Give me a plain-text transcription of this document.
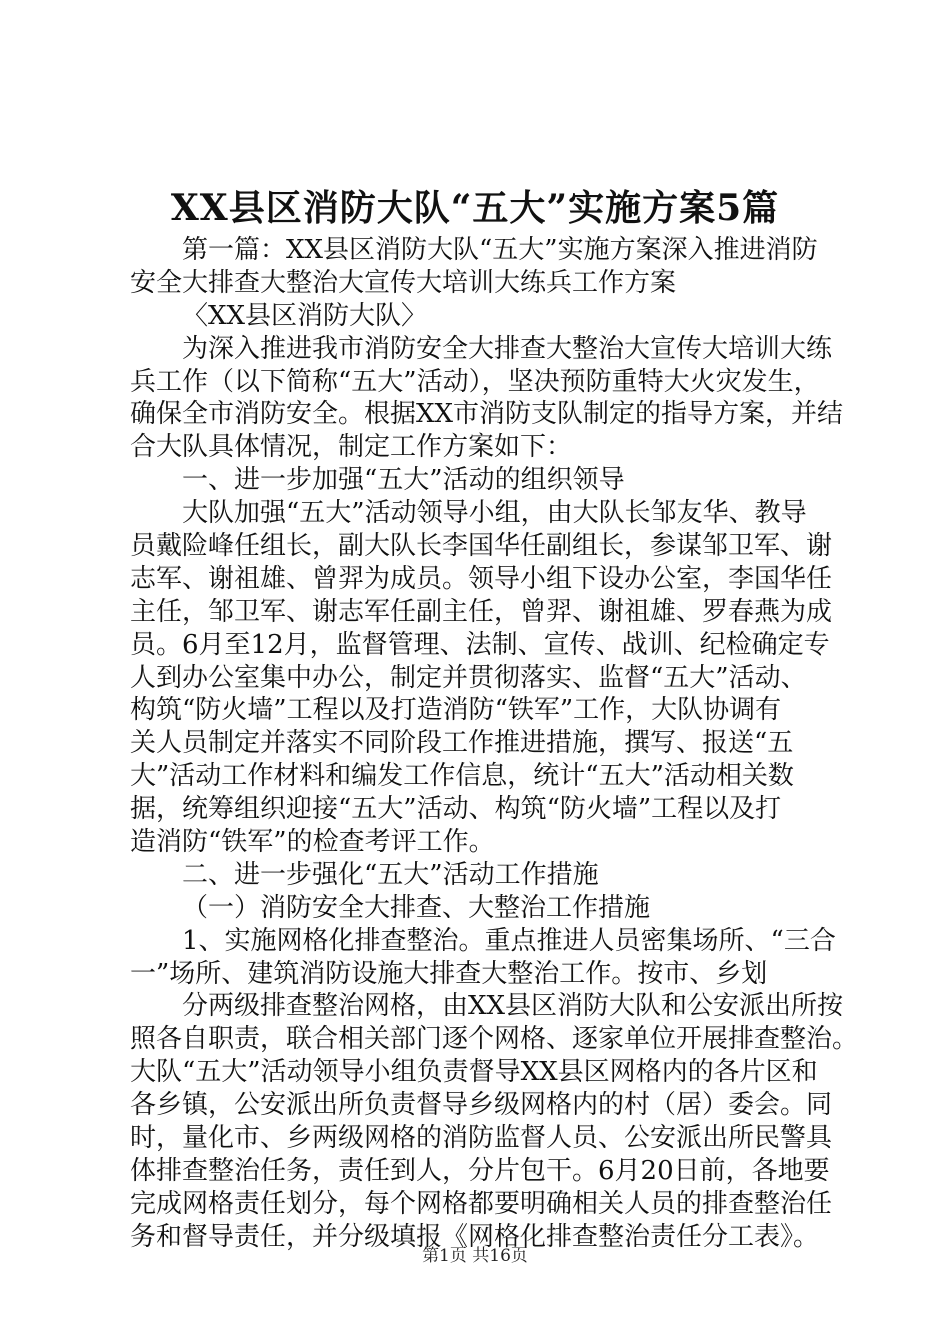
XX县区消防大队“五大”实施方案5篇
第一篇：XX县区消防大队“五大”实施方案深入推进消防
安全大排查大整治大宣传大培训大练兵工作方案
〈XX县区消防大队〉
为深入推进我市消防安全大排查大整治大宣传大培训大练
兵工作（以下简称“五大”活动），坚决预防重特大火灾发生，
确保全市消防安全。根据XX市消防支队制定的指导方案，并结
合大队具体情况，制定工作方案如下：
一、进一步加强“五大”活动的组织领导
大队加强“五大”活动领导小组，由大队长邹友华、教导
员戴险峰任组长，副大队长李国华任副组长，参谋邹卫军、谢
志军、谢祖雄、曾羿为成员。领导小组下设办公室，李国华任
主任，邹卫军、谢志军任副主任，曾羿、谢祖雄、罗春燕为成
员。6月至12月，监督管理、法制、宣传、战训、纪检确定专
人到办公室集中办公，制定并贯彻落实、监督“五大”活动、
构筑“防火墙”工程以及打造消防“铁军”工作，大队协调有
关人员制定并落实不同阶段工作推进措施，撰写、报送“五
大”活动工作材料和编发工作信息，统计“五大”活动相关数
据，统筹组织迎接“五大”活动、构筑“防火墙”工程以及打
造消防“铁军”的检查考评工作。
二、进一步强化“五大”活动工作措施
（一）消防安全大排查、大整治工作措施
1、实施网格化排查整治。重点推进人员密集场所、“三合
一”场所、建筑消防设施大排查大整治工作。按市、乡划
分两级排查整治网格，由XX县区消防大队和公安派出所按
照各自职责，联合相关部门逐个网格、逐家单位开展排查整治。
大队“五大”活动领导小组负责督导XX县区网格内的各片区和
各乡镇，公安派出所负责督导乡级网格内的村（居）委会。同
时，量化市、乡两级网格的消防监督人员、公安派出所民警具
体排查整治任务，责任到人，分片包干。6月20日前，各地要
完成网格责任划分，每个网格都要明确相关人员的排查整治任
务和督导责任，并分级填报《网格化排查整治责任分工表》。
第1页 共16页
